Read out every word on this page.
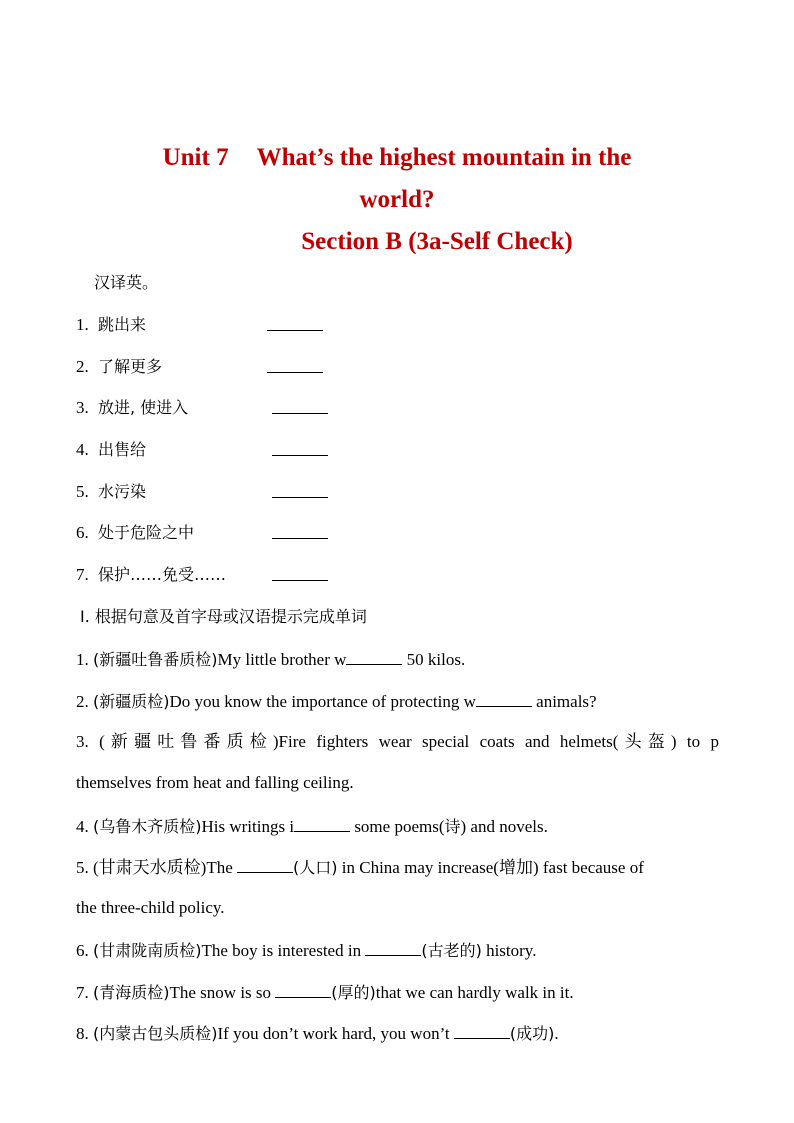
Unit 7 What’s the highest mountain in the
world?
Section B (3a-Self Check)
汉译英。
1. 跳出来
2. 了解更多
3. 放进, 使进入
4. 出售给
5. 水污染
6. 处于危险之中
7. 保护……免受……
Ⅰ. 根据句意及首字母或汉语提示完成单词
1. (新疆吐鲁番质检)My little brother w	50 kilos.
2. (新疆质检)Do you know the importance of protecting w	animals?
3. (新疆吐鲁番质检)Fire fighters wear special coats and helmets(头盔) to p
themselves from heat and falling ceiling.
4. (乌鲁木齐质检)His writings i	some poems(诗) and novels.
5. (甘肃天水质检)The	(人口) in China may increase(增加) fast because of
the three-child policy.
6. (甘肃陇南质检)The boy is interested in	(古老的) history.
7. (青海质检)The snow is so	(厚的)that we can hardly walk in it.
8. (内蒙古包头质检)If you don’t work hard, you won’t	(成功).
